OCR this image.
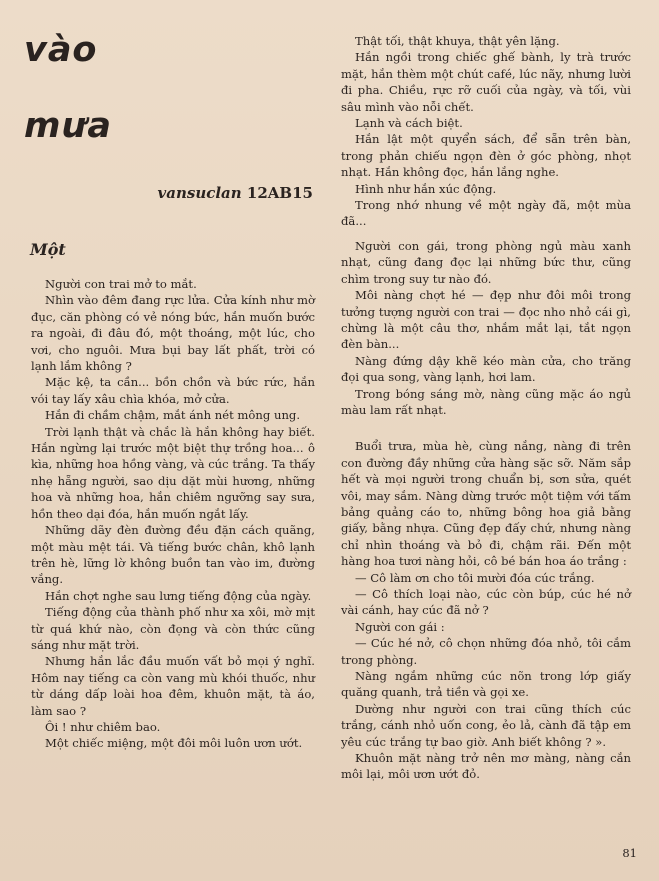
vào
mưa
vansuclan 12AB15
Một

Người con trai mở to mắt.

Nhìn vào đêm đang rực lửa. Cửa kính như mờ đục, căn phòng có vẻ nóng bức, hắn muốn bước ra ngoài, đi đâu đó, một thoáng, một lúc, cho vơi, cho nguôi. Mưa bụi bay lất phất, trời có lạnh lắm không ?

Mặc kệ, ta cần... bồn chồn và bức rức, hắn vói tay lấy xâu chìa khóa, mở cửa.

Hắn đi chầm chậm, mắt ánh nét mông ung.

Trời lạnh thật và chắc là hắn không hay biết. Hắn ngừng lại trước một biệt thự trồng hoa... ô kìa, những hoa hồng vàng, và cúc trắng. Ta thấy nhẹ hẵng người, sao dịu dặt mùi hương, những hoa và những hoa, hắn chiêm ngưỡng say sưa, hồn theo dại đóa, hắn muốn ngắt lấy.

Những dãy đèn đường đều đặn cách quãng, một màu mệt tái. Và tiếng bước chân, khô lạnh trên hè, lững lờ không buồn tan vào im, đường vắng.

Hắn chợt nghe sau lưng tiếng động của ngày.

Tiếng động của thành phố như xa xôi, mờ mịt từ quá khứ nào, còn đọng và còn thức cũng sáng như mặt trời.

Nhưng hắn lắc đầu muốn vất bỏ mọi ý nghĩ. Hôm nay tiếng ca còn vang mù khói thuốc, như từ dáng dấp loài hoa đêm, khuôn mặt, tà áo, làm sao ?

Ôi ! như chiêm bao.

Một chiếc miệng, một đôi môi luôn ươn ướt.

Thật tối, thật khuya, thật yên lặng.

Hắn ngồi trong chiếc ghế bành, ly trà trước mặt, hắn thèm một chút café, lúc nãy, nhưng lười đi pha. Chiều, rực rỡ cuối của ngày, và tối, vùi sâu mình vào nỗi chết.

Lạnh và cách biệt.

Hắn lật một quyển sách, để sẵn trên bàn, trong phản chiếu ngọn đèn ở góc phòng, nhọt nhạt. Hắn không đọc, hắn lắng nghe.

Hình như hắn xúc động.

Trong nhớ nhung về một ngày đã, một mùa đã...

Người con gái, trong phòng ngủ màu xanh nhạt, cũng đang đọc lại những bức thư, cũng chìm trong suy tư nào đó.

Môi nàng chợt hé — đẹp như đôi môi trong tưởng tượng người con trai — đọc nho nhỏ cái gì, chừng là một câu thơ, nhắm mắt lại, tắt ngọn đèn bàn...

Nàng đứng dậy khẽ kéo màn cửa, cho trăng đọi qua song, vàng lạnh, hơi lam.

Trong bóng sáng mờ, nàng cũng mặc áo ngủ màu lam rất nhạt.

Buổi trưa, mùa hè, cùng nắng, nàng đi trên con đường đầy những cửa hàng sặc sỡ. Năm sắp hết và mọi người trong chuẩn bị, sơn sửa, quét vôi, may sắm. Nàng dừng trước một tiệm với tấm bảng quảng cáo to, những bông hoa giả bằng giấy, bằng nhựa. Cũng đẹp đấy chứ, nhưng nàng chỉ nhìn thoáng và bỏ đi, chậm rãi. Đến một hàng hoa tươi nàng hỏi, cô bé bán hoa áo trắng :

— Cô làm ơn cho tôi mười đóa cúc trắng.

— Cô thích loại nào, cúc còn búp, cúc hé nở vài cánh, hay cúc đã nở ?

Người con gái :

— Cúc hé nở, cô chọn những đóa nhỏ, tôi cắm trong phòng.

Nàng ngắm những cúc nõn trong lớp giấy quăng quanh, trả tiền và gọi xe.

Dường như người con trai cũng thích cúc trắng, cánh nhỏ uốn cong, ẻo lả, cành đã tập em yêu cúc trắng tự bao giờ. Anh biết không ? ».

Khuôn mặt nàng trở nên mơ màng, nàng cắn môi lại, môi ươn ướt đỏ.

81
